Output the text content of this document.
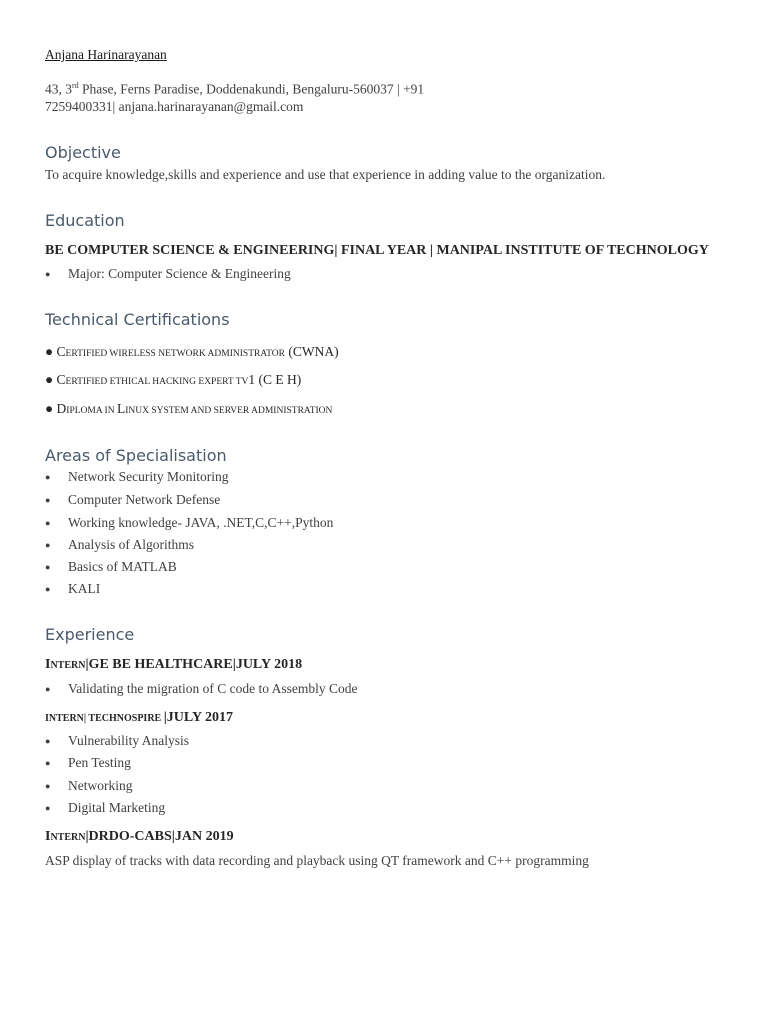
Anjana Harinarayanan
43, 3rd Phase, Ferns Paradise, Doddenakundi, Bengaluru-560037 | +91
7259400331| anjana.harinarayanan@gmail.com
Objective
To acquire knowledge,skills and experience and use that experience in adding value to the organization.
Education
BE COMPUTER SCIENCE & ENGINEERING| FINAL YEAR | MANIPAL INSTITUTE OF TECHNOLOGY
● Major: Computer Science & Engineering
Technical Certifications
● CERTIFIED WIRELESS NETWORK ADMINISTRATOR (CWNA)
● CERTIFIED ETHICAL HACKING EXPERT TV1 (C E H)
● DIPLOMA IN LINUX SYSTEM AND SERVER ADMINISTRATION
Areas of Specialisation
● Network Security Monitoring
● Computer Network Defense
● Working knowledge- JAVA, .NET,C,C++,Python
● Analysis of Algorithms
● Basics of MATLAB
● KALI
Experience
INTERN|GE BE HEALTHCARE|JULY 2018
● Validating the migration of C code to Assembly Code
INTERN| TECHNOSPIRE |JULY 2017
● Vulnerability Analysis
● Pen Testing
● Networking
● Digital Marketing
INTERN|DRDO-CABS|JAN 2019
ASP display of tracks with data recording and playback using QT framework and C++ programming
